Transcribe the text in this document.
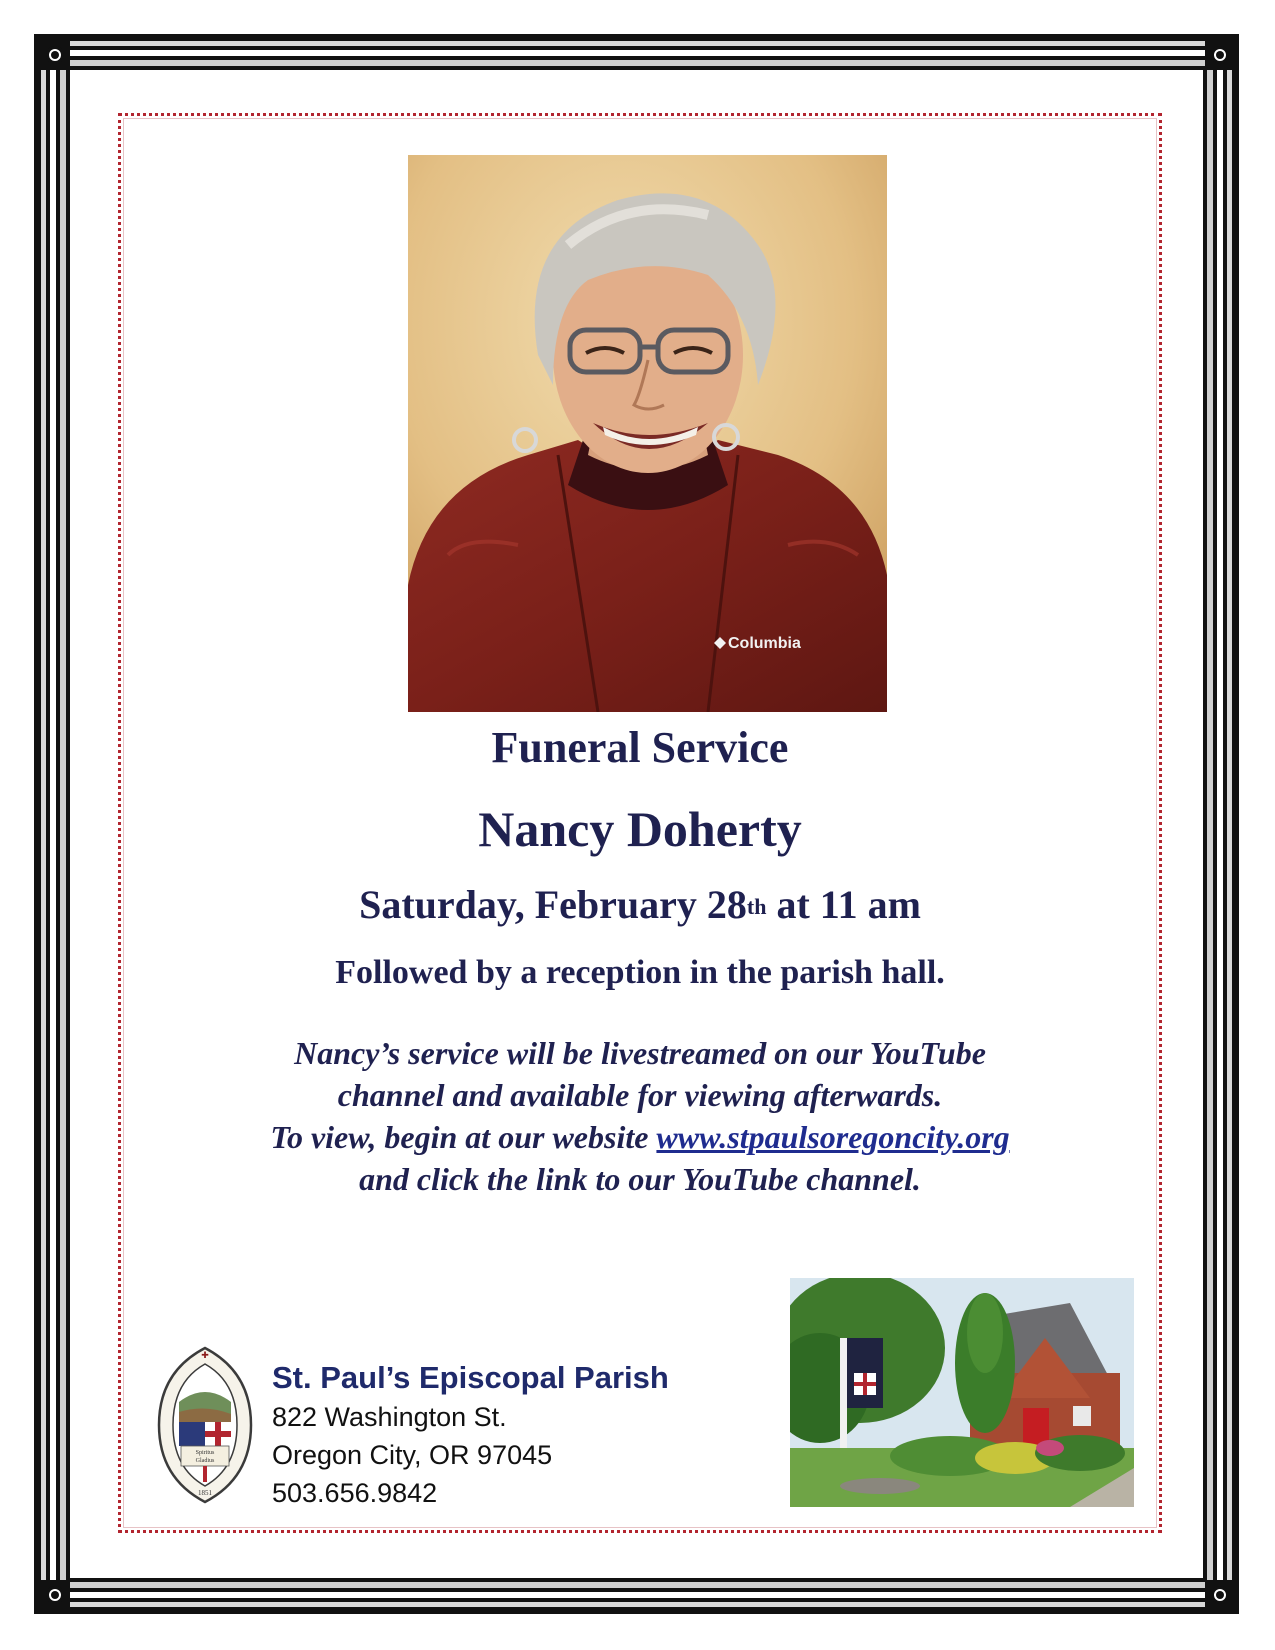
Columbia
Funeral Service
Nancy Doherty
Saturday, February 28th at 11 am
Followed by a reception in the parish hall.
Nancy’s service will be livestreamed on our YouTube
channel and available for viewing afterwards.
To view, begin at our website www.stpaulsoregoncity.org
and click the link to our YouTube channel.
✚
Spiritus
Gladius
1851
St. Paul’s Episcopal Parish
822 Washington St.
Oregon City, OR 97045
503.656.9842
